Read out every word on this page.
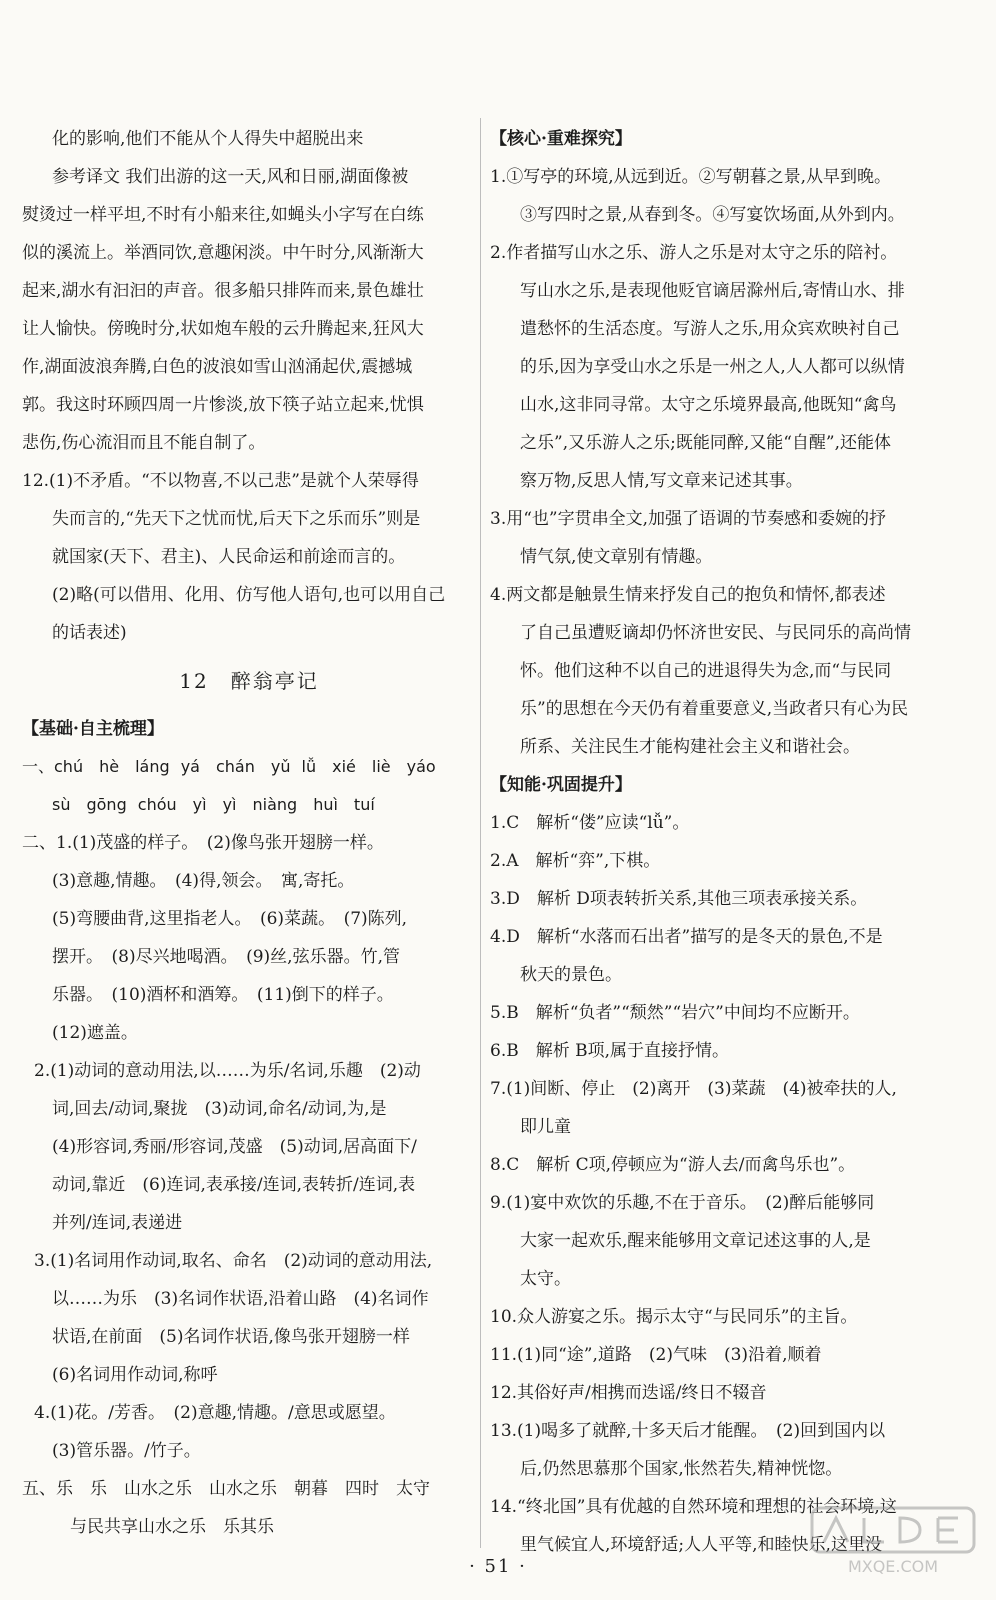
化的影响,他们不能从个人得失中超脱出来
参考译文 我们出游的这一天,风和日丽,湖面像被
熨烫过一样平坦,不时有小船来往,如蝇头小字写在白练
似的溪流上。举酒同饮,意趣闲淡。中午时分,风渐渐大
起来,湖水有汩汩的声音。很多船只排阵而来,景色雄壮
让人愉快。傍晚时分,状如炮车般的云升腾起来,狂风大
作,湖面波浪奔腾,白色的波浪如雪山汹涌起伏,震撼城
郭。我这时环顾四周一片惨淡,放下筷子站立起来,忧惧
悲伤,伤心流泪而且不能自制了。
12.(1)不矛盾。“不以物喜,不以己悲”是就个人荣辱得
失而言的,“先天下之忧而忧,后天下之乐而乐”则是
就国家(天下、君主)、人民命运和前途而言的。
(2)略(可以借用、化用、仿写他人语句,也可以用自己
的话表述)
12　醉翁亭记
【基础·自主梳理】
一、chú　hè　láng yá　chán　yǔ lǚ　xié　liè　yáo
sù　gōng chóu　yì　yì　niàng　huì　tuí
二、1.(1)茂盛的样子。　(2)像鸟张开翅膀一样。
(3)意趣,情趣。　(4)得,领会。　寓,寄托。
(5)弯腰曲背,这里指老人。　(6)菜蔬。　(7)陈列,
摆开。　(8)尽兴地喝酒。　(9)丝,弦乐器。竹,管
乐器。　(10)酒杯和酒筹。　(11)倒下的样子。
(12)遮盖。
2.(1)动词的意动用法,以……为乐/名词,乐趣　(2)动
词,回去/动词,聚拢　(3)动词,命名/动词,为,是
(4)形容词,秀丽/形容词,茂盛　(5)动词,居高面下/
动词,靠近　(6)连词,表承接/连词,表转折/连词,表
并列/连词,表递进
3.(1)名词用作动词,取名、命名　(2)动词的意动用法,
以……为乐　(3)名词作状语,沿着山路　(4)名词作
状语,在前面　(5)名词作状语,像鸟张开翅膀一样
(6)名词用作动词,称呼
4.(1)花。/芳香。　(2)意趣,情趣。/意思或愿望。
(3)管乐器。/竹子。
五、乐　乐　山水之乐　山水之乐　朝暮　四时　太守
与民共享山水之乐　乐其乐
【核心·重难探究】
1.①写亭的环境,从远到近。②写朝暮之景,从早到晚。
③写四时之景,从春到冬。④写宴饮场面,从外到内。
2.作者描写山水之乐、游人之乐是对太守之乐的陪衬。
写山水之乐,是表现他贬官谪居滁州后,寄情山水、排
遣愁怀的生活态度。写游人之乐,用众宾欢映衬自己
的乐,因为享受山水之乐是一州之人,人人都可以纵情
山水,这非同寻常。太守之乐境界最高,他既知“禽鸟
之乐”,又乐游人之乐;既能同醉,又能“自醒”,还能体
察万物,反思人情,写文章来记述其事。
3.用“也”字贯串全文,加强了语调的节奏感和委婉的抒
情气氛,使文章别有情趣。
4.两文都是触景生情来抒发自己的抱负和情怀,都表述
了自己虽遭贬谪却仍怀济世安民、与民同乐的高尚情
怀。他们这种不以自己的进退得失为念,而“与民同
乐”的思想在今天仍有着重要意义,当政者只有心为民
所系、关注民生才能构建社会主义和谐社会。
【知能·巩固提升】
1.C　解析“偻”应读“lǚ”。
2.A　解析“弈”,下棋。
3.D　解析 D项表转折关系,其他三项表承接关系。
4.D　解析“水落而石出者”描写的是冬天的景色,不是
秋天的景色。
5.B　解析“负者”“颓然”“岩穴”中间均不应断开。
6.B　解析 B项,属于直接抒情。
7.(1)间断、停止　(2)离开　(3)菜蔬　(4)被牵扶的人,
即儿童
8.C　解析 C项,停顿应为“游人去/而禽鸟乐也”。
9.(1)宴中欢饮的乐趣,不在于音乐。　(2)醉后能够同
大家一起欢乐,醒来能够用文章记述这事的人,是
太守。
10.众人游宴之乐。揭示太守“与民同乐”的主旨。
11.(1)同“途”,道路　(2)气味　(3)沿着,顺着
12.其俗好声/相携而迭谣/终日不辍音
13.(1)喝多了就醉,十多天后才能醒。　(2)回到国内以
后,仍然思慕那个国家,怅然若失,精神恍惚。
14.“终北国”具有优越的自然环境和理想的社会环境,这
里气候宜人,环境舒适;人人平等,和睦快乐,这里没
· 51 ·	MXQE.COM
